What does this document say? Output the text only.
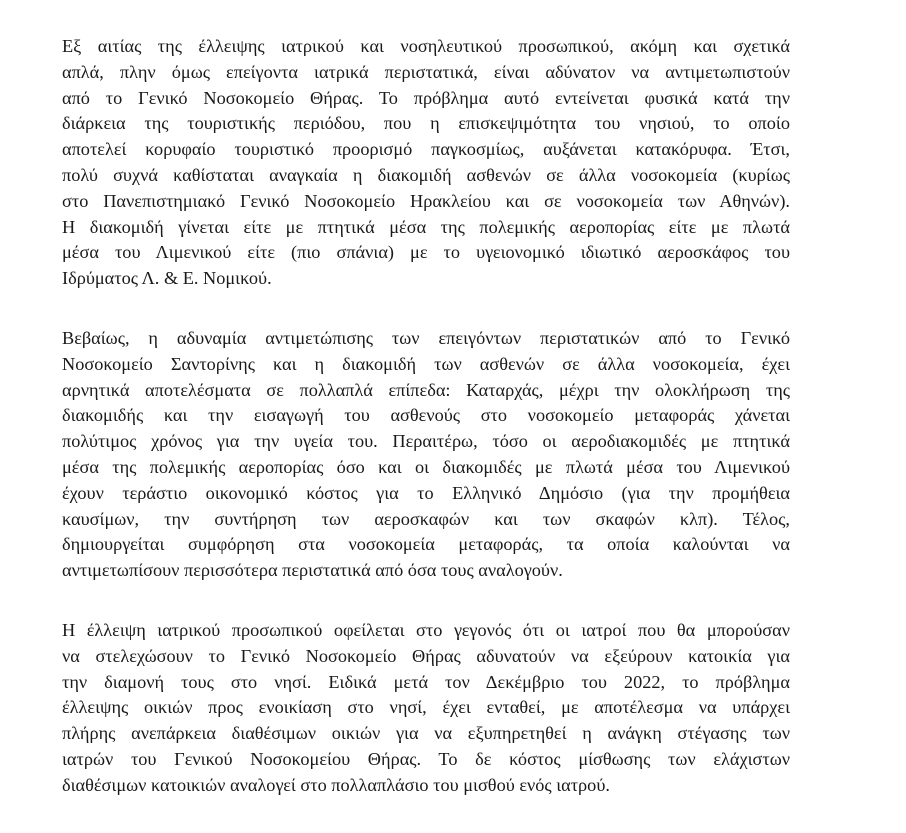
Εξ αιτίας της έλλειψης ιατρικού και νοσηλευτικού προσωπικού, ακόμη και σχετικά
απλά, πλην όμως επείγοντα ιατρικά περιστατικά, είναι αδύνατον να αντιμετωπιστούν
από το Γενικό Νοσοκομείο Θήρας. Το πρόβλημα αυτό εντείνεται φυσικά κατά την
διάρκεια της τουριστικής περιόδου, που η επισκεψιμότητα του νησιού, το οποίο
αποτελεί κορυφαίο τουριστικό προορισμό παγκοσμίως, αυξάνεται κατακόρυφα. Έτσι,
πολύ συχνά καθίσταται αναγκαία η διακομιδή ασθενών σε άλλα νοσοκομεία (κυρίως
στο Πανεπιστημιακό Γενικό Νοσοκομείο Ηρακλείου και σε νοσοκομεία των Αθηνών).
Η διακομιδή γίνεται είτε με πτητικά μέσα της πολεμικής αεροπορίας είτε με πλωτά
μέσα του Λιμενικού είτε (πιο σπάνια) με το υγειονομικό ιδιωτικό αεροσκάφος του
Ιδρύματος Λ. & Ε. Νομικού.
Βεβαίως, η αδυναμία αντιμετώπισης των επειγόντων περιστατικών από το Γενικό
Νοσοκομείο Σαντορίνης και η διακομιδή των ασθενών σε άλλα νοσοκομεία, έχει
αρνητικά αποτελέσματα σε πολλαπλά επίπεδα: Καταρχάς, μέχρι την ολοκλήρωση της
διακομιδής και την εισαγωγή του ασθενούς στο νοσοκομείο μεταφοράς χάνεται
πολύτιμος χρόνος για την υγεία του. Περαιτέρω, τόσο οι αεροδιακομιδές με πτητικά
μέσα της πολεμικής αεροπορίας όσο και οι διακομιδές με πλωτά μέσα του Λιμενικού
έχουν τεράστιο οικονομικό κόστος για το Ελληνικό Δημόσιο (για την προμήθεια
καυσίμων, την συντήρηση των αεροσκαφών και των σκαφών κλπ). Τέλος,
δημιουργείται συμφόρηση στα νοσοκομεία μεταφοράς, τα οποία καλούνται να
αντιμετωπίσουν περισσότερα περιστατικά από όσα τους αναλογούν.
Η έλλειψη ιατρικού προσωπικού οφείλεται στο γεγονός ότι οι ιατροί που θα μπορούσαν
να στελεχώσουν το Γενικό Νοσοκομείο Θήρας αδυνατούν να εξεύρουν κατοικία για
την διαμονή τους στο νησί. Ειδικά μετά τον Δεκέμβριο του 2022, το πρόβλημα
έλλειψης οικιών προς ενοικίαση στο νησί, έχει ενταθεί, με αποτέλεσμα να υπάρχει
πλήρης ανεπάρκεια διαθέσιμων οικιών για να εξυπηρετηθεί η ανάγκη στέγασης των
ιατρών του Γενικού Νοσοκομείου Θήρας. Το δε κόστος μίσθωσης των ελάχιστων
διαθέσιμων κατοικιών αναλογεί στο πολλαπλάσιο του μισθού ενός ιατρού.
